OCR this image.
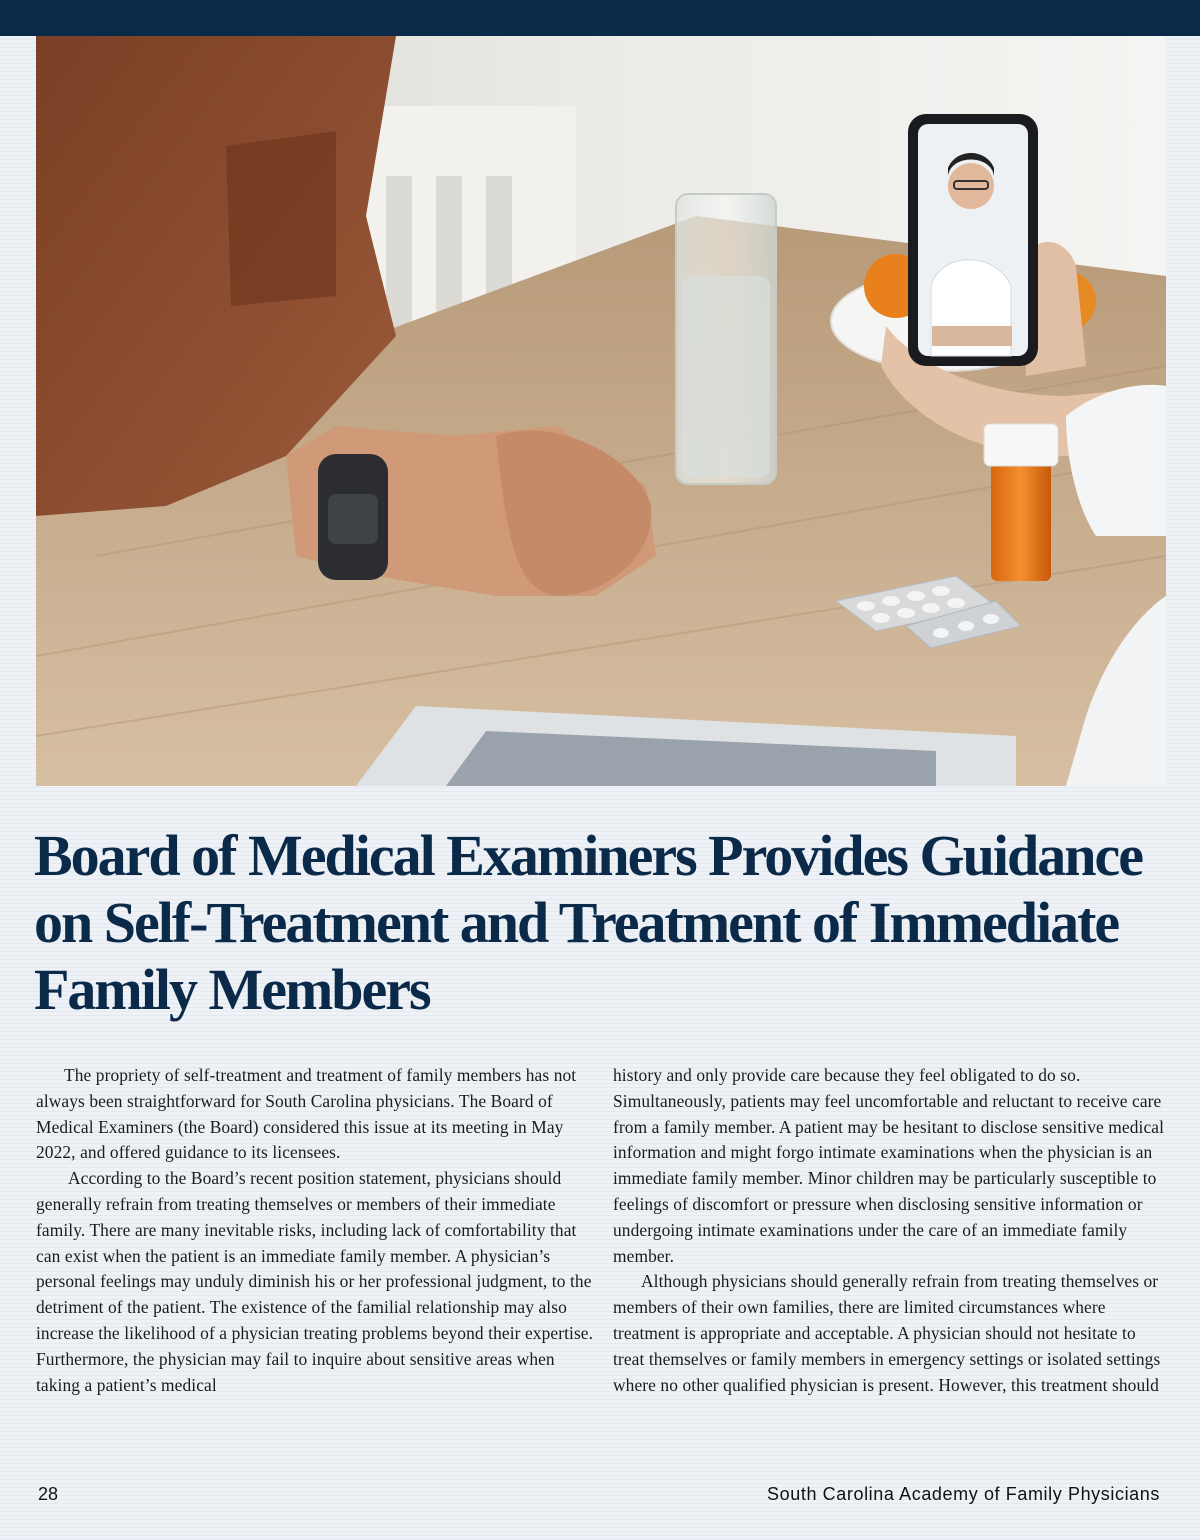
Board of Medical Examiners Provides Guidance on Self-Treatment and Treatment of Immediate Family Members

The propriety of self-treatment and treatment of family members has not always been straightforward for South Carolina physicians. The Board of Medical Examiners (the Board) considered this issue at its meeting in May 2022, and offered guidance to its licensees.

According to the Board’s recent position statement, physicians should generally refrain from treating themselves or members of their immediate family. There are many inevitable risks, including lack of comfortability that can exist when the patient is an immediate family member. A physician’s personal feelings may unduly diminish his or her professional judgment, to the detriment of the patient. The existence of the familial relationship may also increase the likelihood of a physician treating problems beyond their expertise. Furthermore, the physician may fail to inquire about sensitive areas when taking a patient’s medical

history and only provide care because they feel obligated to do so. Simultaneously, patients may feel uncomfortable and reluctant to receive care from a family member. A patient may be hesitant to disclose sensitive medical information and might forgo intimate examinations when the physician is an immediate family member. Minor children may be particularly susceptible to feelings of discomfort or pressure when disclosing sensitive information or undergoing intimate examinations under the care of an immediate family member.

Although physicians should generally refrain from treating themselves or members of their own families, there are limited circumstances where treatment is appropriate and acceptable. A physician should not hesitate to treat themselves or family members in emergency settings or isolated settings where no other qualified physician is present. However, this treatment should

28	South Carolina Academy of Family Physicians
